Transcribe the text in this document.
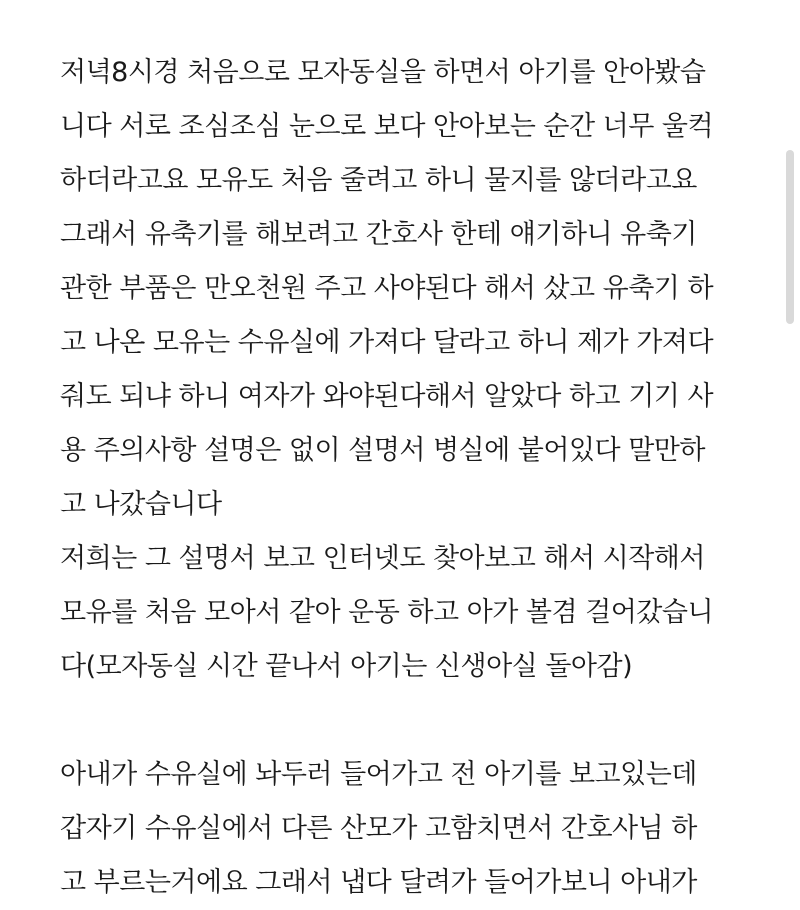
저녁8시경 처음으로 모자동실을 하면서 아기를 안아봤습
니다 서로 조심조심 눈으로 보다 안아보는 순간 너무 울컥
하더라고요 모유도 처음 줄려고 하니 물지를 않더라고요
그래서 유축기를 해보려고 간호사 한테 얘기하니 유축기
관한 부품은 만오천원 주고 사야된다 해서 샀고 유축기 하
고 나온 모유는 수유실에 가져다 달라고 하니 제가 가져다
줘도 되냐 하니 여자가 와야된다해서 알았다 하고 기기 사
용 주의사항 설명은 없이 설명서 병실에 붙어있다 말만하
고 나갔습니다
저희는 그 설명서 보고 인터넷도 찾아보고 해서 시작해서
모유를 처음 모아서 같아 운동 하고 아가 볼겸 걸어갔습니
다(모자동실 시간 끝나서 아기는 신생아실 돌아감)
아내가 수유실에 놔두러 들어가고 전 아기를 보고있는데
갑자기 수유실에서 다른 산모가 고함치면서 간호사님 하
고 부르는거에요 그래서 냅다 달려가 들어가보니 아내가
